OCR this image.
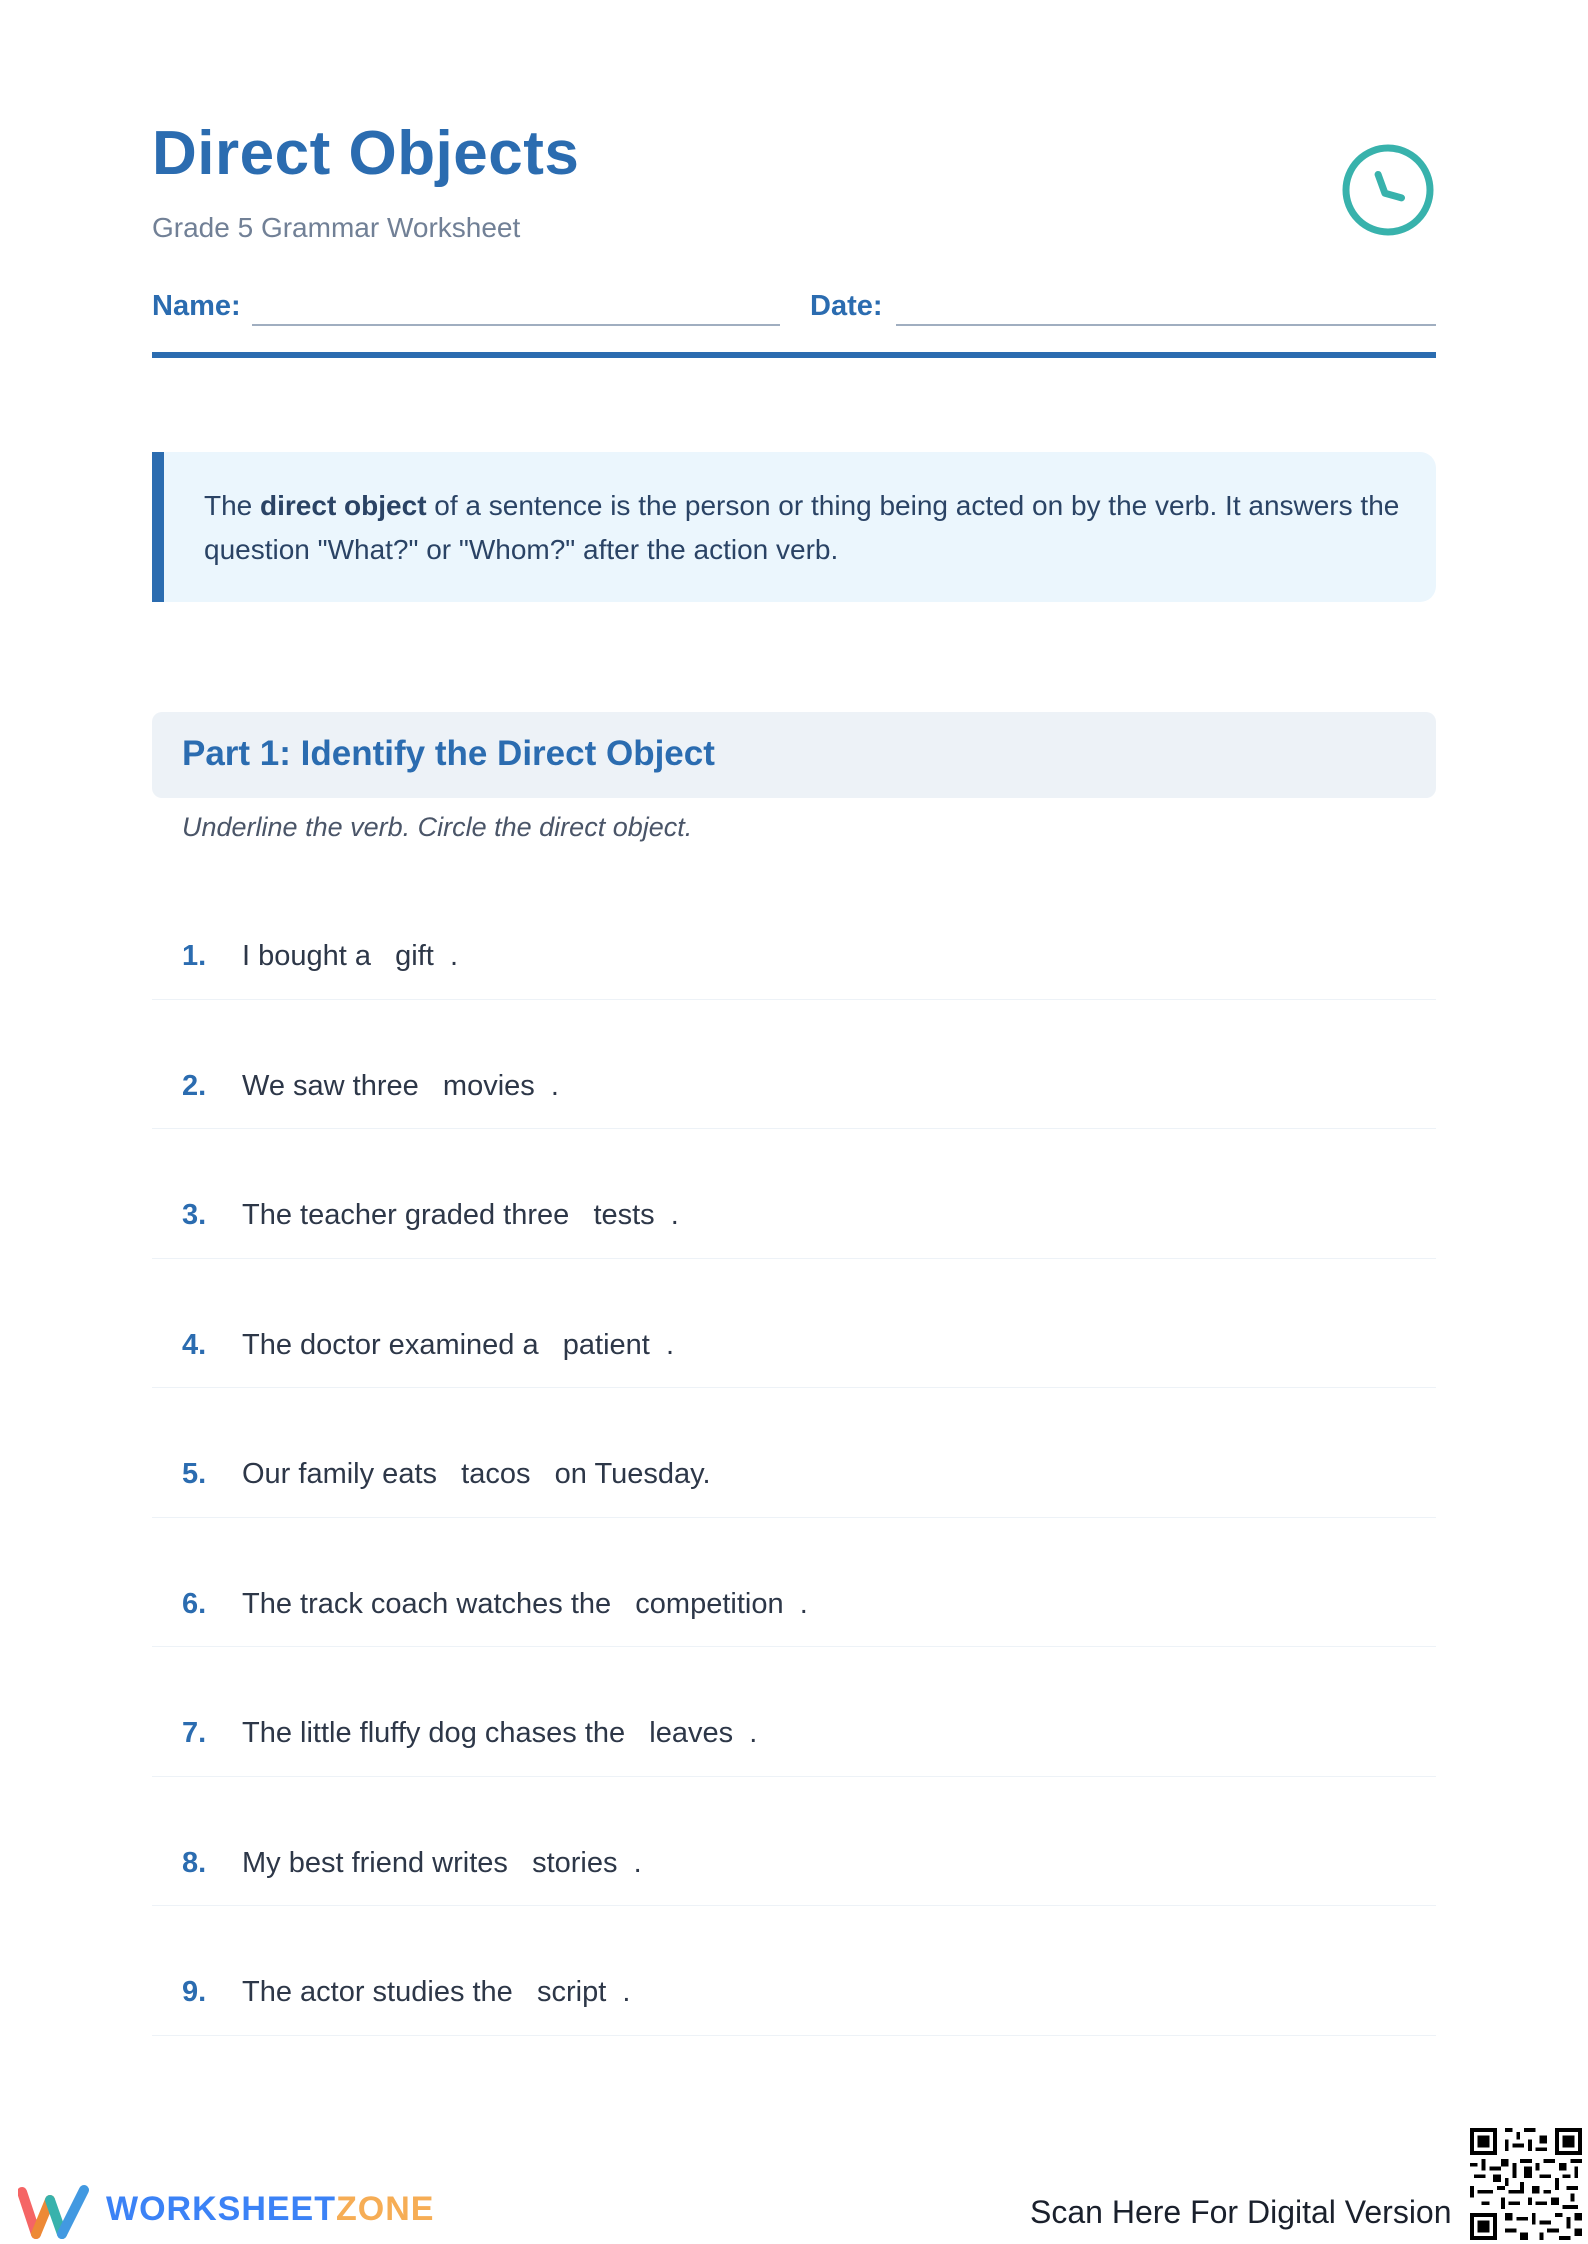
Direct Objects
Grade 5 Grammar Worksheet
Name:	Date:

The direct object of a sentence is the person or thing being acted on by the verb. It answers the question "What?" or "Whom?" after the action verb.

Part 1: Identify the Direct Object
Underline the verb. Circle the direct object.
1. I bought a   gift  .
2. We saw three   movies  .
3. The teacher graded three   tests  .
4. The doctor examined a   patient  .
5. Our family eats   tacos   on Tuesday.
6. The track coach watches the   competition  .
7. The little fluffy dog chases the   leaves  .
8. My best friend writes   stories  .
9. The actor studies the   script  .
WORKSHEETZONE	Scan Here For Digital Version
